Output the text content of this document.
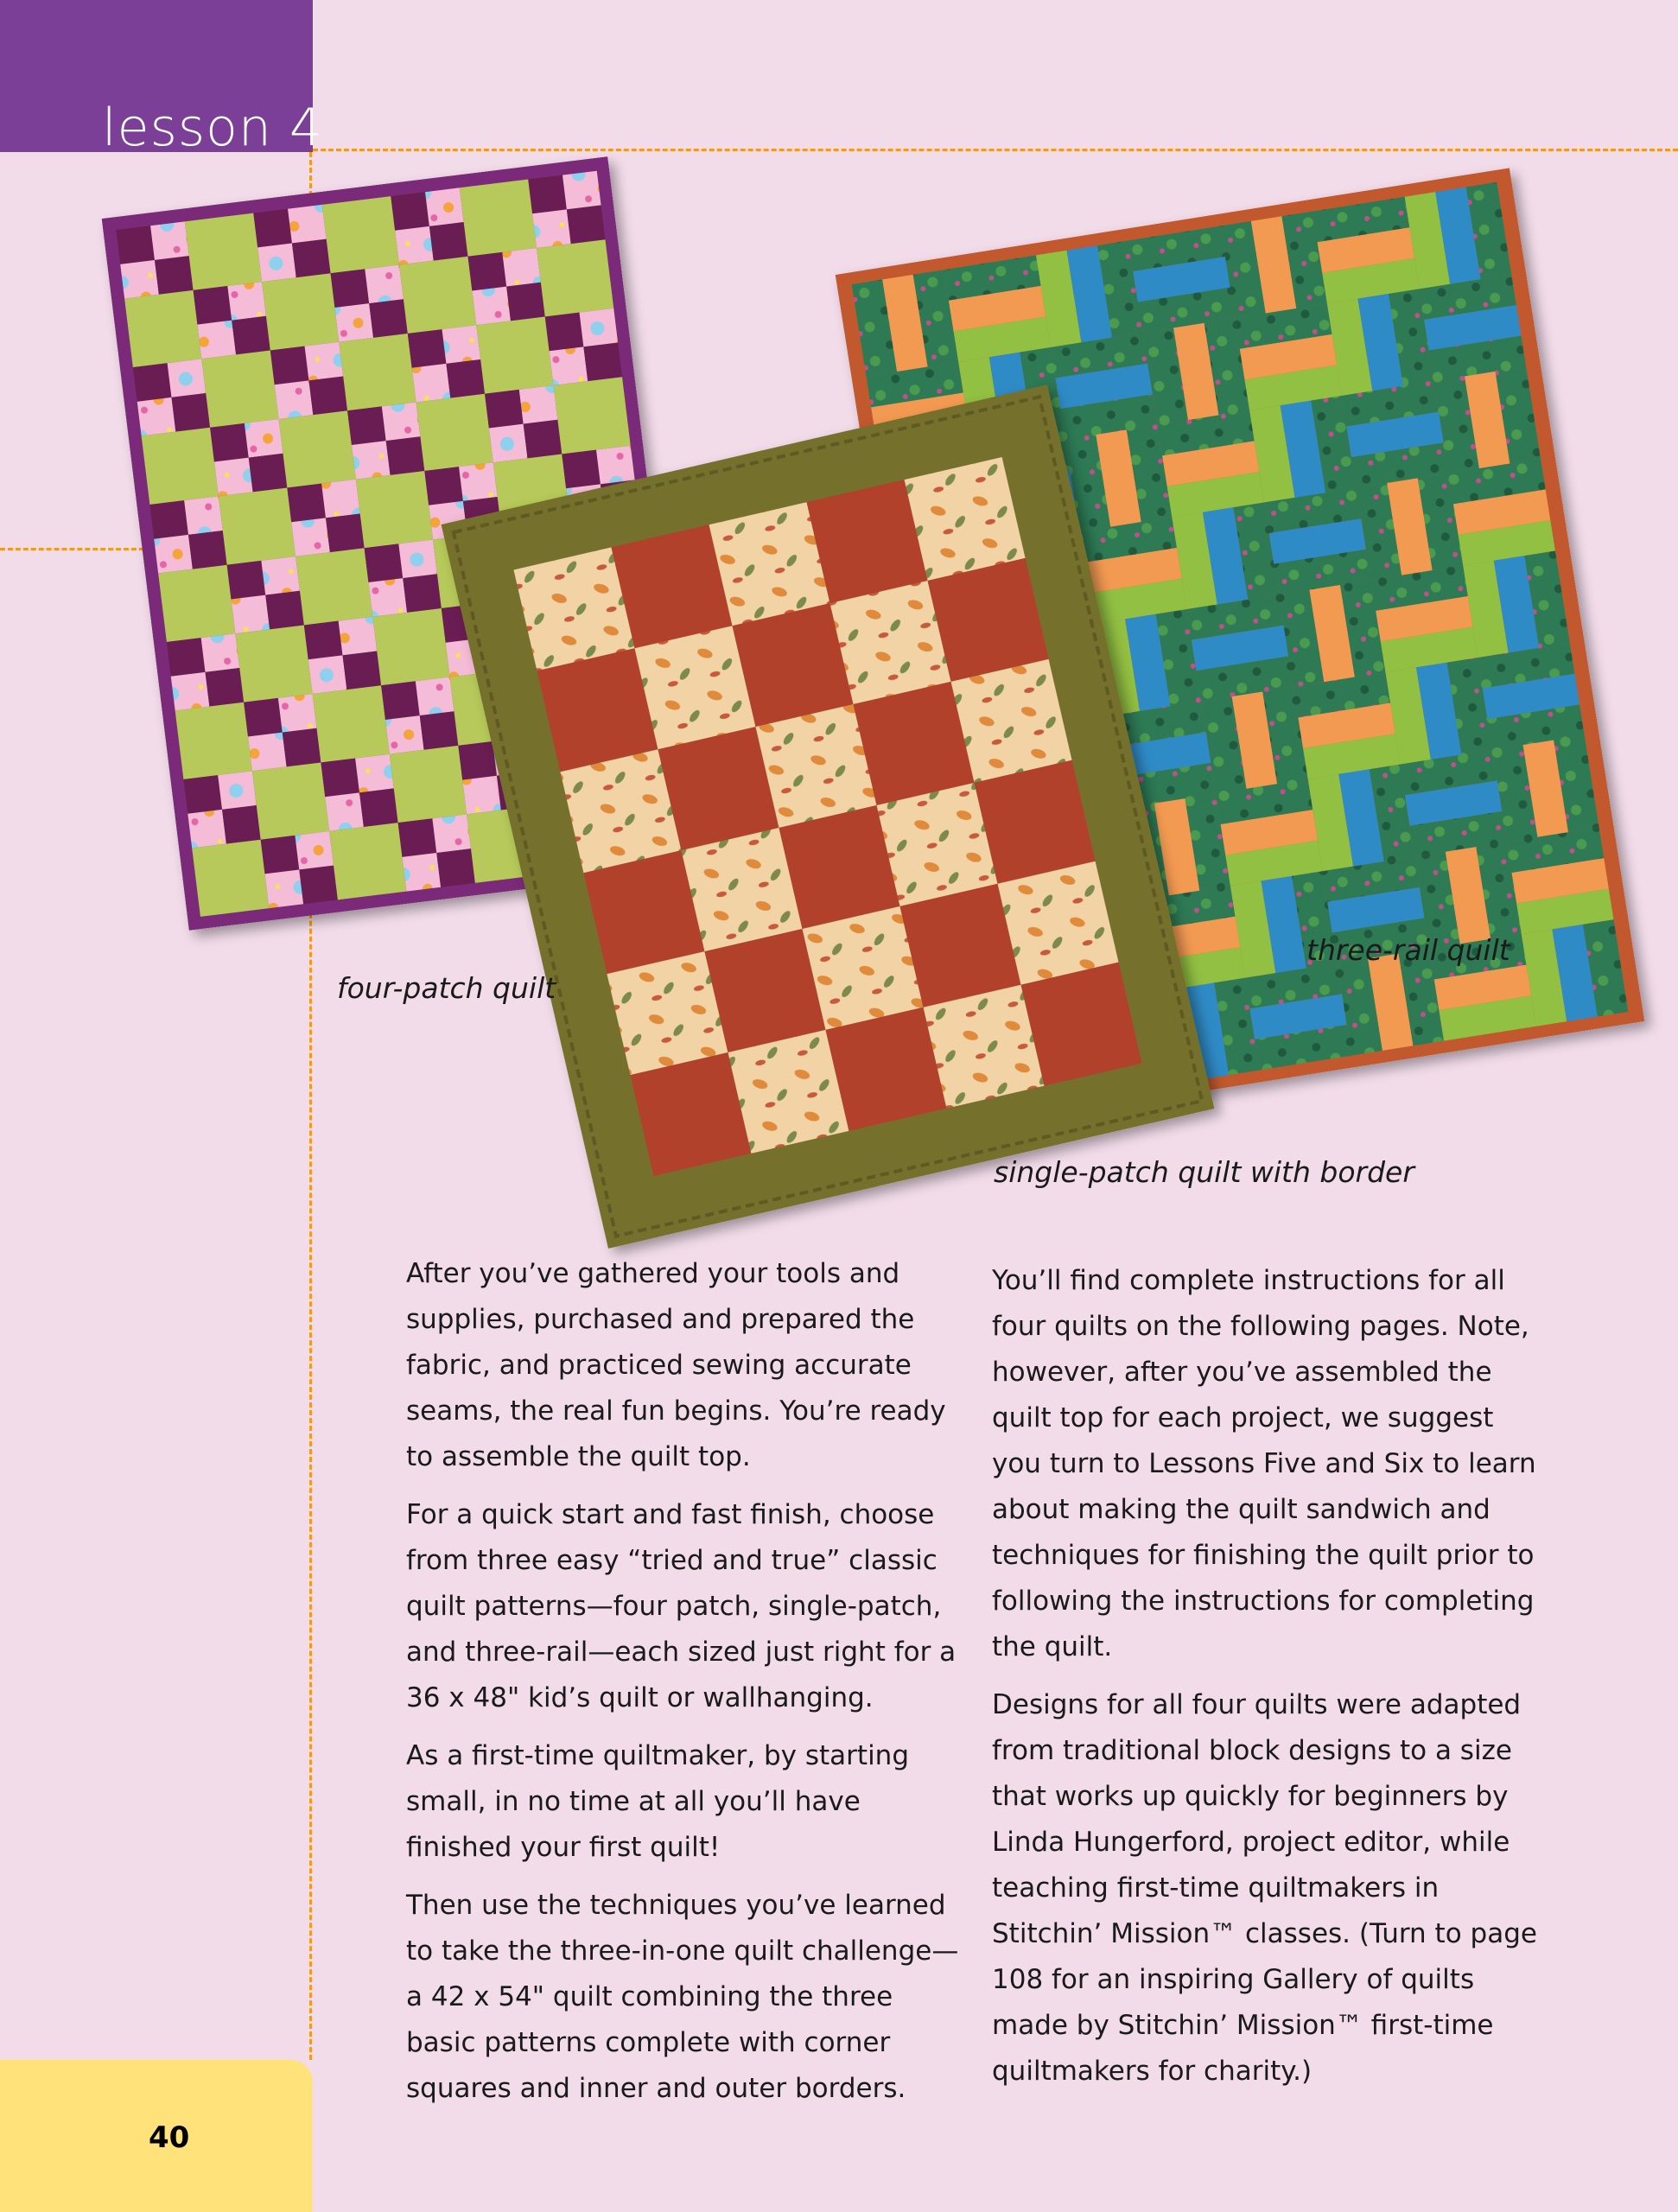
lesson 4
four-patch quilt
three-rail quilt
single-patch quilt with border

After you’ve gathered your tools and supplies, purchased and prepared the fabric, and practiced sewing accurate seams, the real fun begins. You’re ready to assemble the quilt top.

For a quick start and fast finish, choose from three easy “tried and true” classic quilt patterns—four patch, single-patch, and three-rail—each sized just right for a 36 x 48" kid’s quilt or wallhanging.

As a first-time quiltmaker, by starting small, in no time at all you’ll have finished your first quilt!

Then use the techniques you’ve learned to take the three-in-one quilt challenge—a 42 x 54" quilt combining the three basic patterns complete with corner squares and inner and outer borders.

You’ll find complete instructions for all four quilts on the following pages. Note, however, after you’ve assembled the quilt top for each project, we suggest you turn to Lessons Five and Six to learn about making the quilt sandwich and techniques for finishing the quilt prior to following the instructions for completing the quilt.

Designs for all four quilts were adapted from traditional block designs to a size that works up quickly for beginners by Linda Hungerford, project editor, while teaching first-time quiltmakers in Stitchin’ Mission™ classes. (Turn to page 108 for an inspiring Gallery of quilts made by Stitchin’ Mission™ first-time quiltmakers for charity.)

40
